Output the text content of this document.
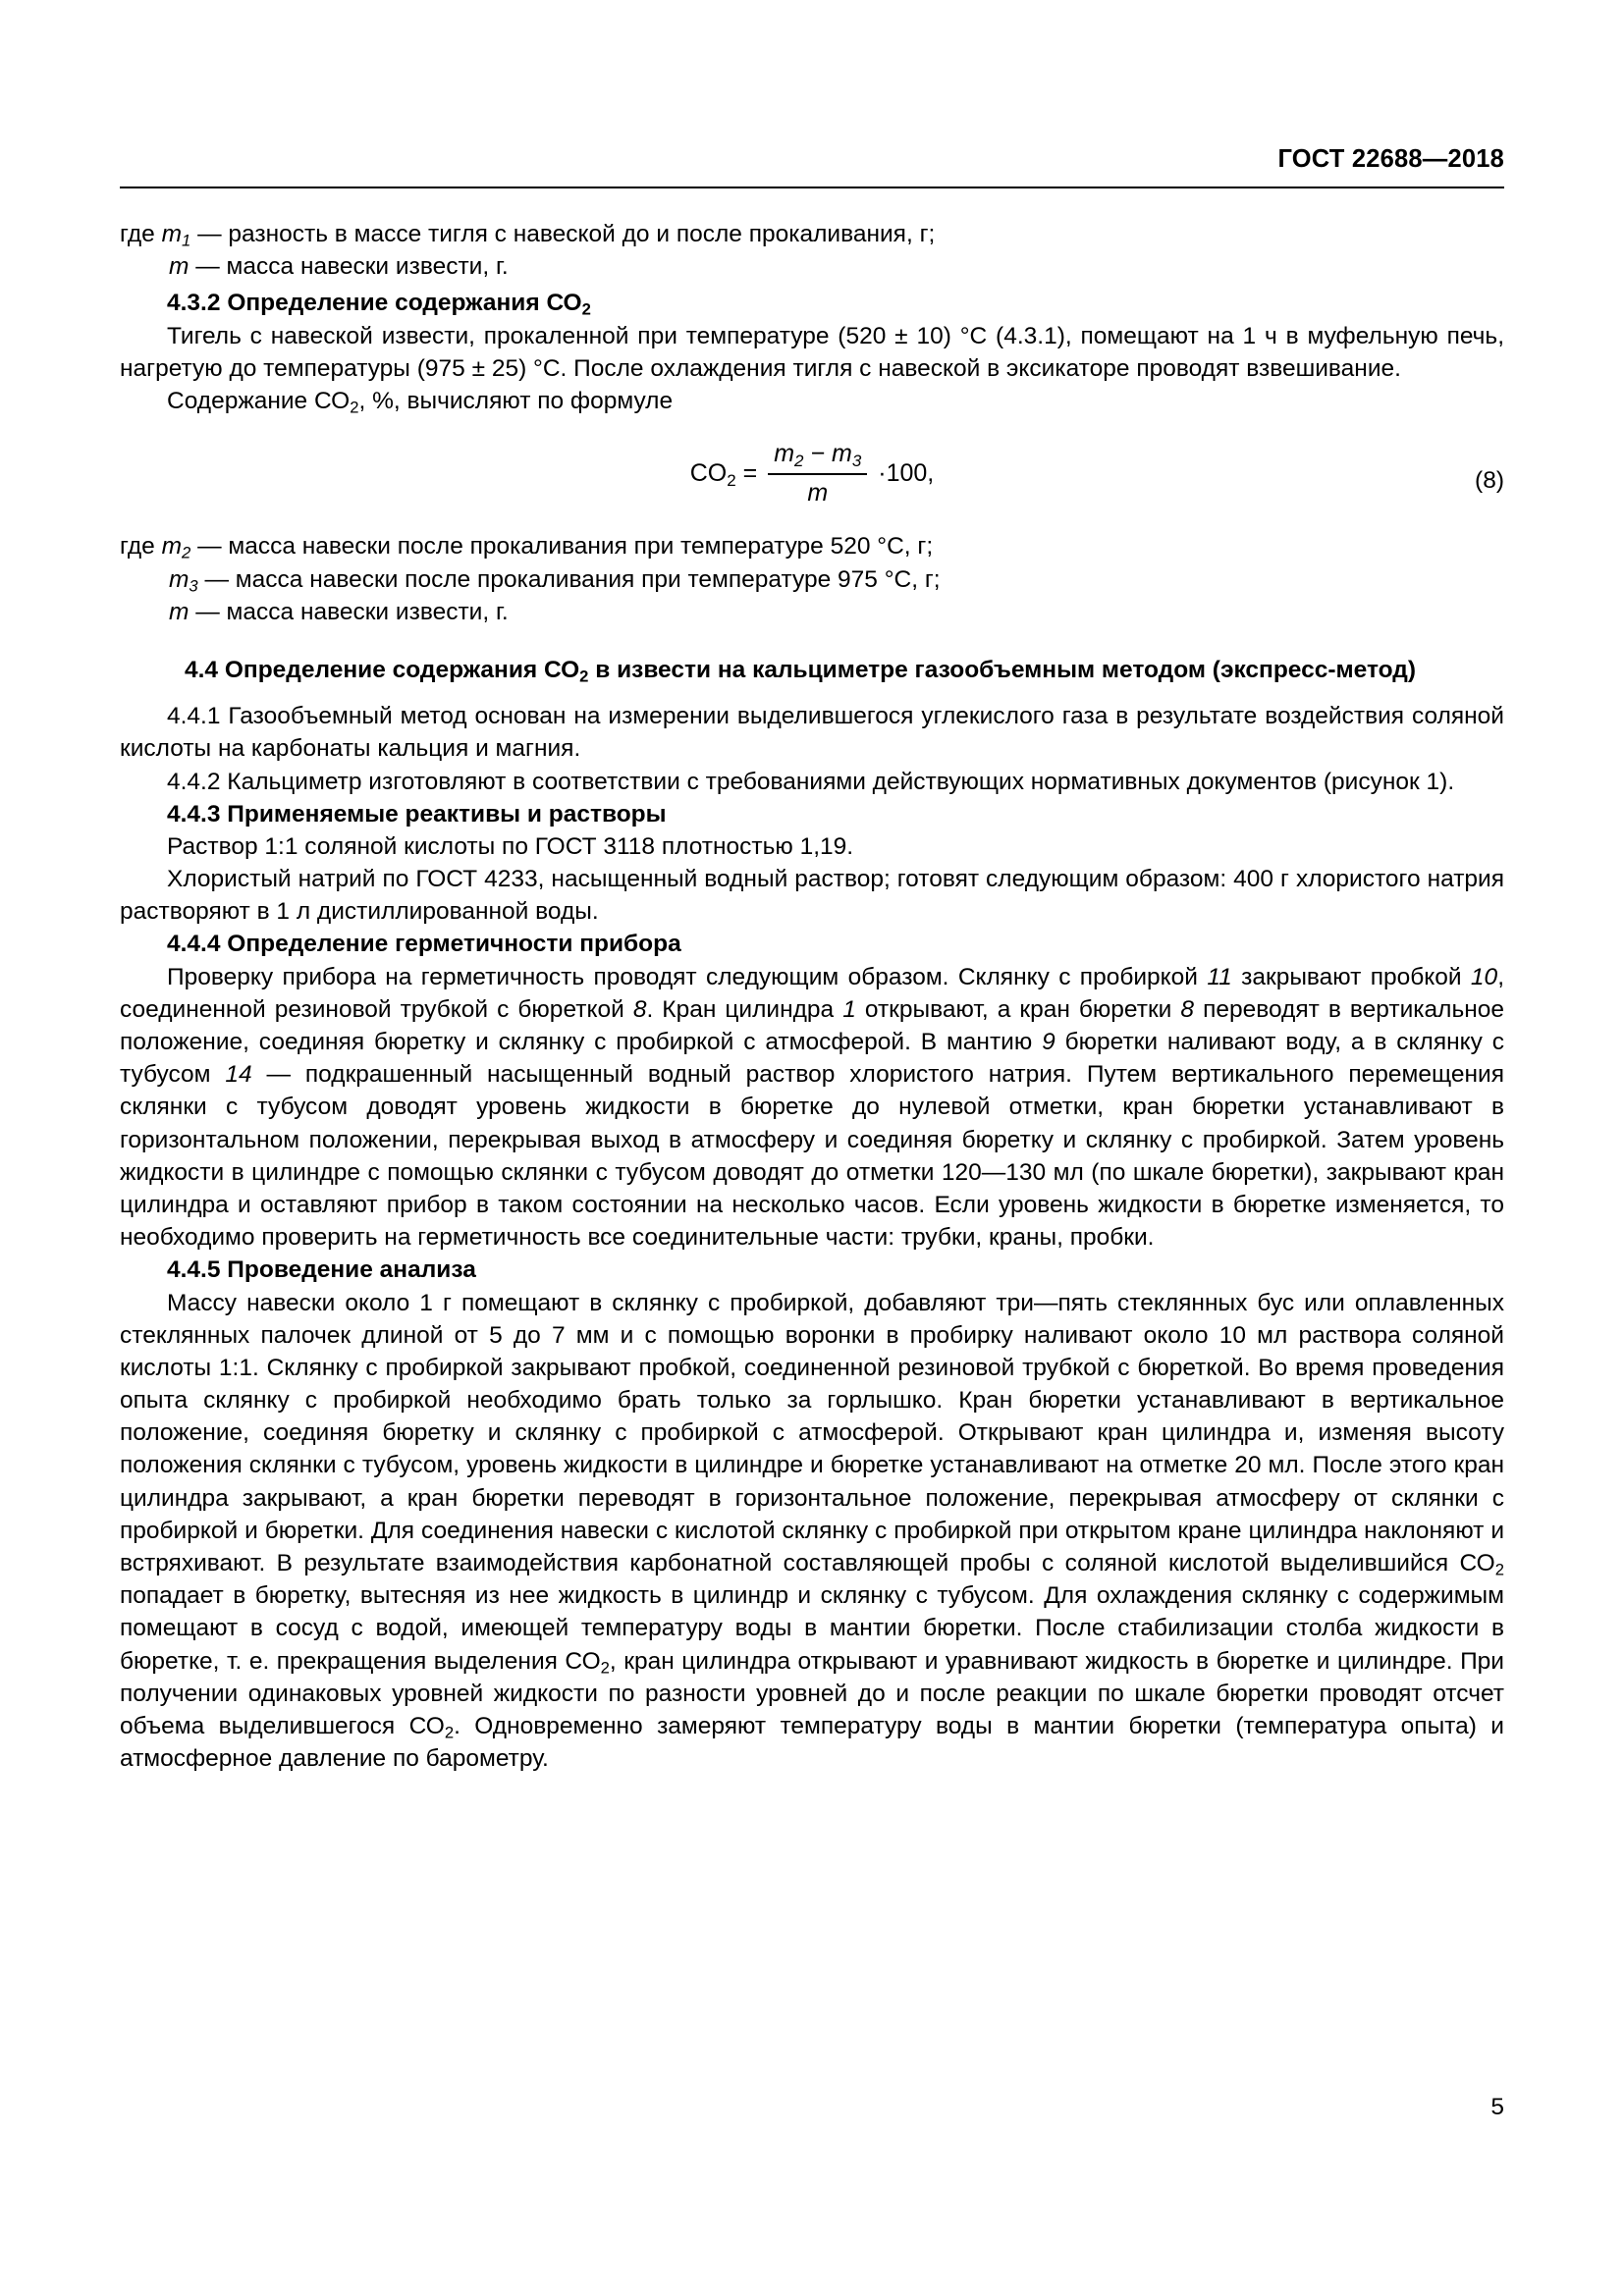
ГОСТ 22688—2018

где $m_1$ — разность в массе тигля с навеской до и после прокаливания, г;

m — масса навески извести, г.

4.3.2 Определение содержания $СО_2$

Тигель с навеской извести, прокаленной при температуре (520 ± 10) °С (4.3.1), помещают на 1 ч в муфельную печь, нагретую до температуры (975 ± 25) °С. После охлаждения тигля с навеской в эксикаторе проводят взвешивание.

Содержание $СО_2$, %, вычисляют по формуле

$CO_2 = \frac{m_2 - m_3}{m} \cdot 100$,	(8)

где $m_2$ — масса навески после прокаливания при температуре 520 °С, г;

$m_3$ — масса навески после прокаливания при температуре 975 °С, г;

m — масса навески извести, г.

4.4 Определение содержания $СО_2$ в извести на кальциметре газообъемным методом (экспресс-метод)

4.4.1 Газообъемный метод основан на измерении выделившегося углекислого газа в результате воздействия соляной кислоты на карбонаты кальция и магния.

4.4.2 Кальциметр изготовляют в соответствии с требованиями действующих нормативных документов (рисунок 1).

4.4.3 Применяемые реактивы и растворы

Раствор 1:1 соляной кислоты по ГОСТ 3118 плотностью 1,19.

Хлористый натрий по ГОСТ 4233, насыщенный водный раствор; готовят следующим образом: 400 г хлористого натрия растворяют в 1 л дистиллированной воды.

4.4.4 Определение герметичности прибора

Проверку прибора на герметичность проводят следующим образом. Склянку с пробиркой 11 закрывают пробкой 10, соединенной резиновой трубкой с бюреткой 8. Кран цилиндра 1 открывают, а кран бюретки 8 переводят в вертикальное положение, соединяя бюретку и склянку с пробиркой с атмосферой. В мантию 9 бюретки наливают воду, а в склянку с тубусом 14 — подкрашенный насыщенный водный раствор хлористого натрия. Путем вертикального перемещения склянки с тубусом доводят уровень жидкости в бюретке до нулевой отметки, кран бюретки устанавливают в горизонтальном положении, перекрывая выход в атмосферу и соединяя бюретку и склянку с пробиркой. Затем уровень жидкости в цилиндре с помощью склянки с тубусом доводят до отметки 120—130 мл (по шкале бюретки), закрывают кран цилиндра и оставляют прибор в таком состоянии на несколько часов. Если уровень жидкости в бюретке изменяется, то необходимо проверить на герметичность все соединительные части: трубки, краны, пробки.

4.4.5 Проведение анализа

Массу навески около 1 г помещают в склянку с пробиркой, добавляют три—пять стеклянных бус или оплавленных стеклянных палочек длиной от 5 до 7 мм и с помощью воронки в пробирку наливают около 10 мл раствора соляной кислоты 1:1. Склянку с пробиркой закрывают пробкой, соединенной резиновой трубкой с бюреткой. Во время проведения опыта склянку с пробиркой необходимо брать только за горлышко. Кран бюретки устанавливают в вертикальное положение, соединяя бюретку и склянку с пробиркой с атмосферой. Открывают кран цилиндра и, изменяя высоту положения склянки с тубусом, уровень жидкости в цилиндре и бюретке устанавливают на отметке 20 мл. После этого кран цилиндра закрывают, а кран бюретки переводят в горизонтальное положение, перекрывая атмосферу от склянки с пробиркой и бюретки. Для соединения навески с кислотой склянку с пробиркой при открытом кране цилиндра наклоняют и встряхивают. В результате взаимодействия карбонатной составляющей пробы с соляной кислотой выделившийся $СО_2$ попадает в бюретку, вытесняя из нее жидкость в цилиндр и склянку с тубусом. Для охлаждения склянку с содержимым помещают в сосуд с водой, имеющей температуру воды в мантии бюретки. После стабилизации столба жидкости в бюретке, т. е. прекращения выделения $СО_2$, кран цилиндра открывают и уравнивают жидкость в бюретке и цилиндре. При получении одинаковых уровней жидкости по разности уровней до и после реакции по шкале бюретки проводят отсчет объема выделившегося $СО_2$. Одновременно замеряют температуру воды в мантии бюретки (температура опыта) и атмосферное давление по барометру.

5
